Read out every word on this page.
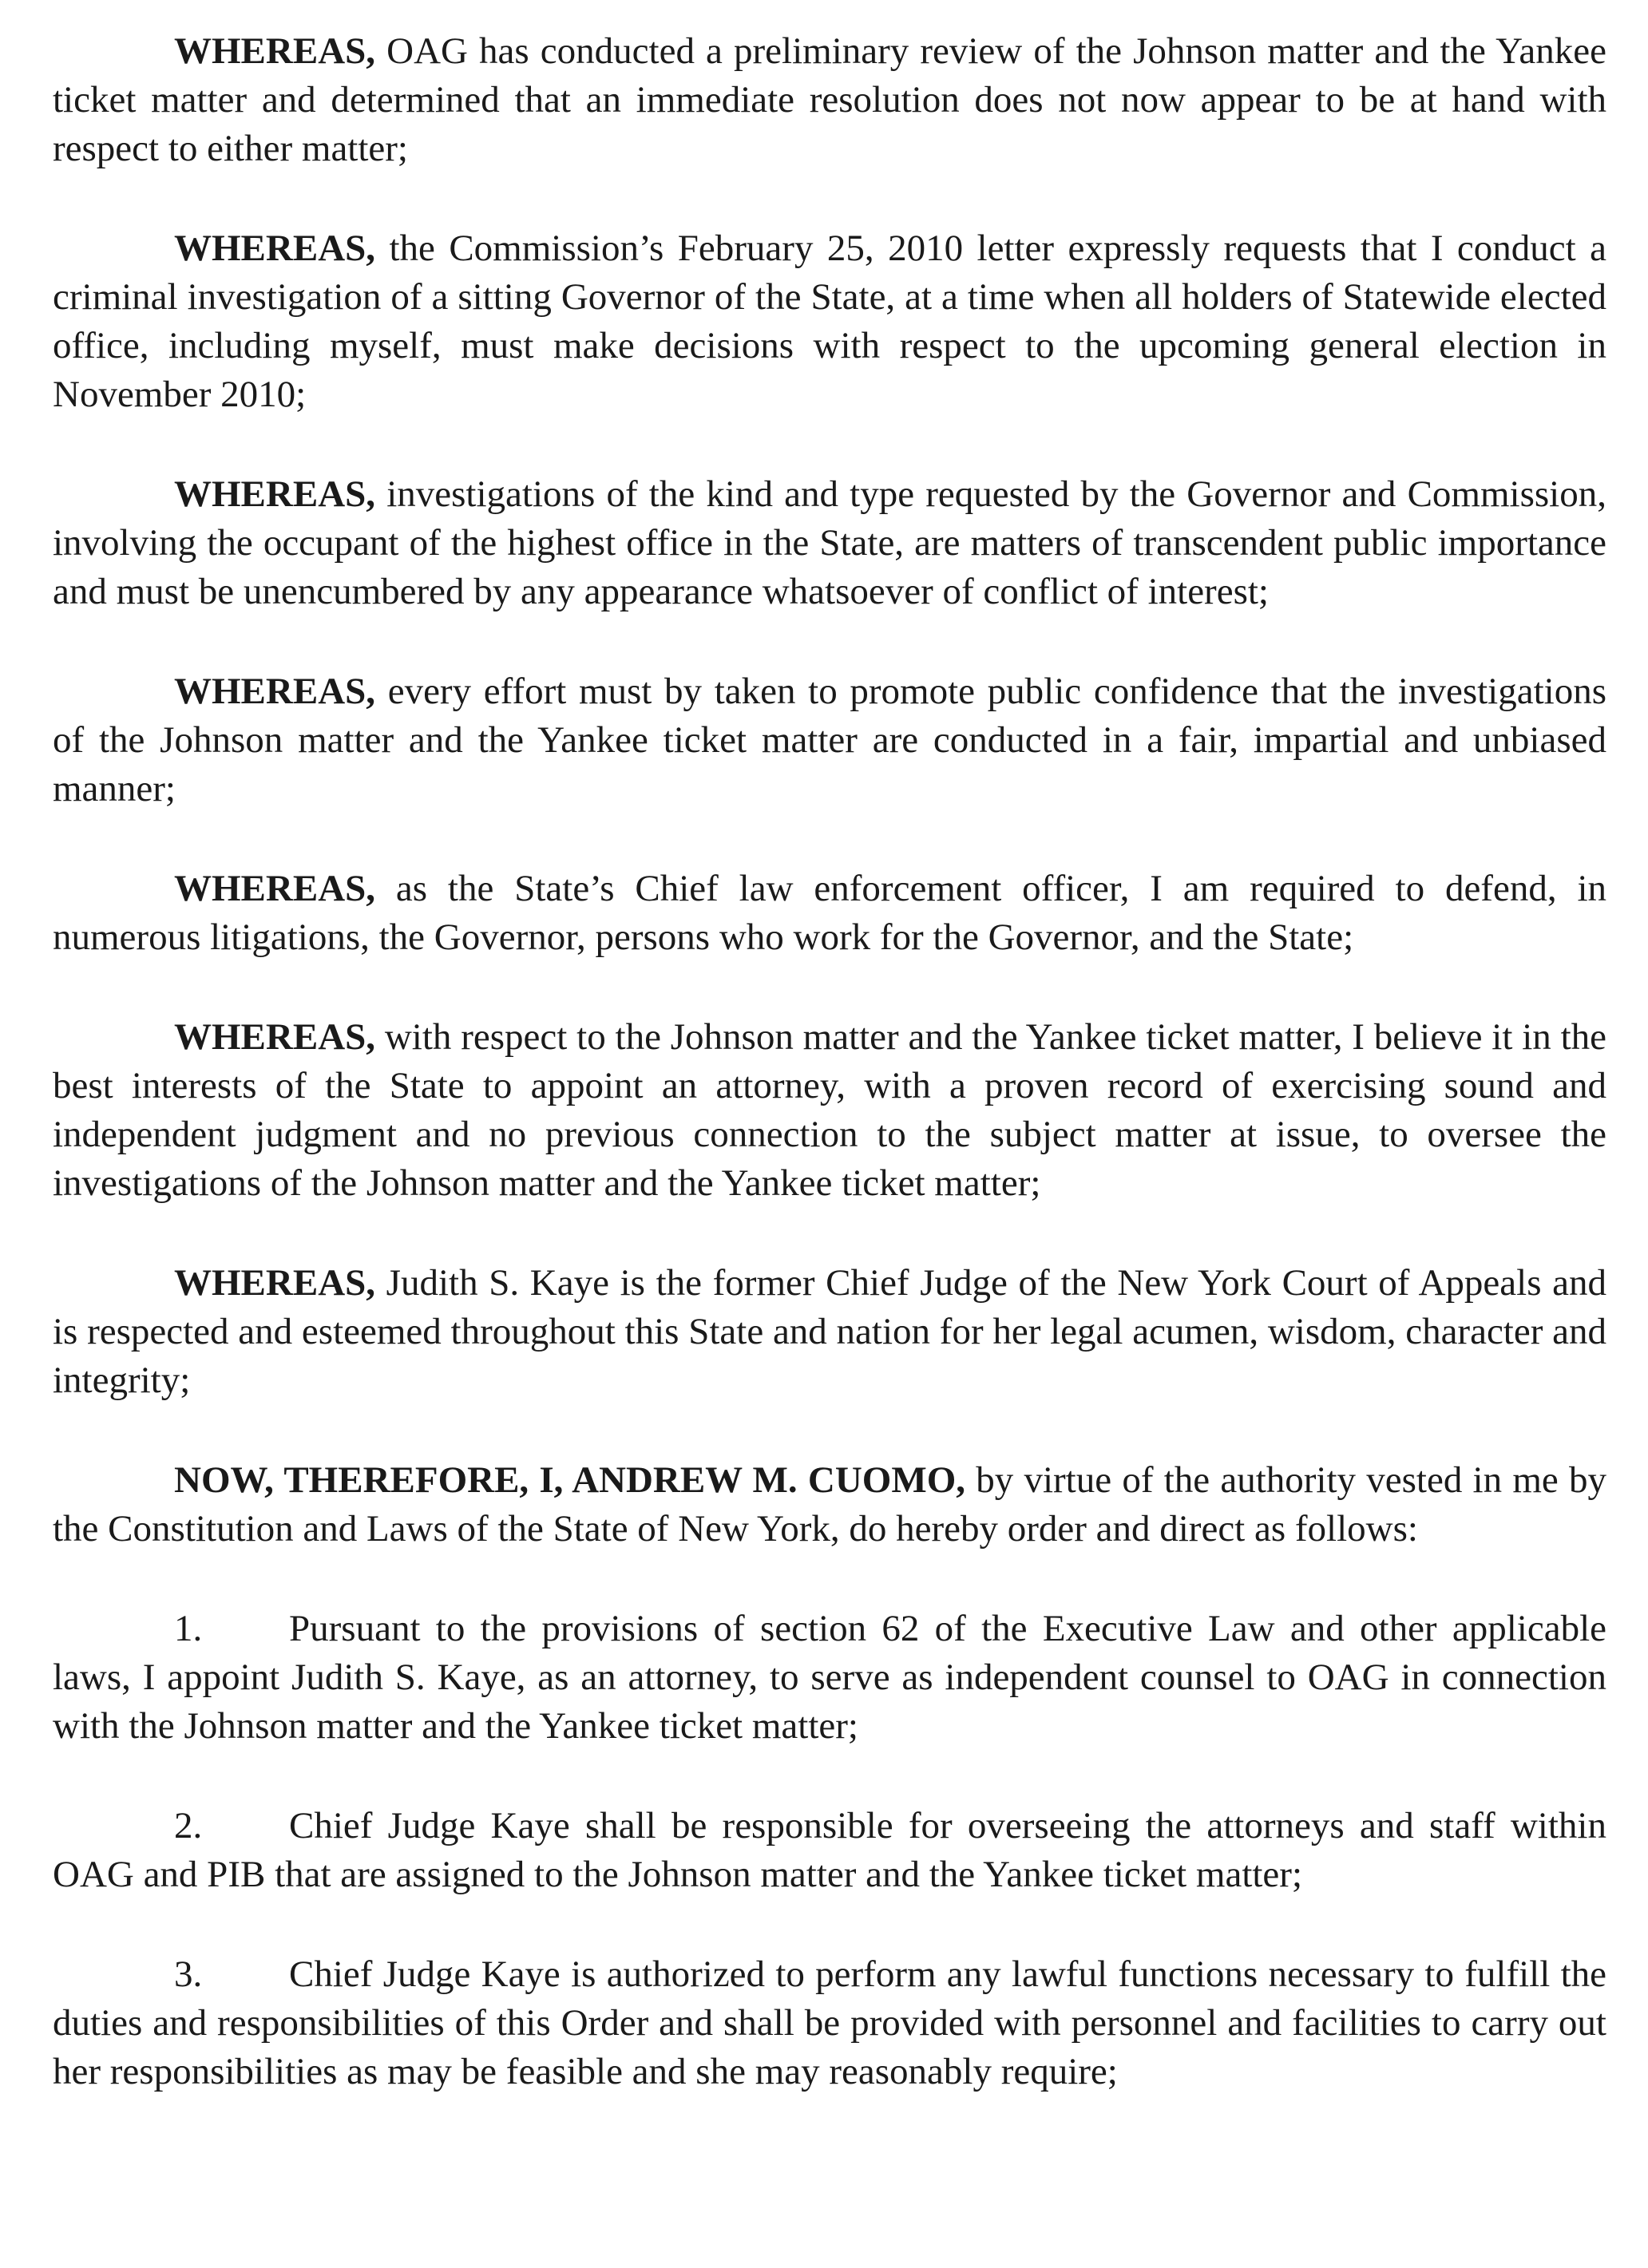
WHEREAS, OAG has conducted a preliminary review of the Johnson matter and the Yankee ticket matter and determined that an immediate resolution does not now appear to be at hand with respect to either matter;

WHEREAS, the Commission’s February 25, 2010 letter expressly requests that I conduct a criminal investigation of a sitting Governor of the State, at a time when all holders of Statewide elected office, including myself, must make decisions with respect to the upcoming general election in November 2010;

WHEREAS, investigations of the kind and type requested by the Governor and Commission, involving the occupant of the highest office in the State, are matters of transcendent public importance and must be unencumbered by any appearance whatsoever of conflict of interest;

WHEREAS, every effort must by taken to promote public confidence that the investigations of the Johnson matter and the Yankee ticket matter are conducted in a fair, impartial and unbiased manner;

WHEREAS, as the State’s Chief law enforcement officer, I am required to defend, in numerous litigations, the Governor, persons who work for the Governor, and the State;

WHEREAS, with respect to the Johnson matter and the Yankee ticket matter, I believe it in the best interests of the State to appoint an attorney, with a proven record of exercising sound and independent judgment and no previous connection to the subject matter at issue, to oversee the investigations of the Johnson matter and the Yankee ticket matter;

WHEREAS, Judith S. Kaye is the former Chief Judge of the New York Court of Appeals and is respected and esteemed throughout this State and nation for her legal acumen, wisdom, character and integrity;

NOW, THEREFORE, I, ANDREW M. CUOMO, by virtue of the authority vested in me by the Constitution and Laws of the State of New York, do hereby order and direct as follows:

1. Pursuant to the provisions of section 62 of the Executive Law and other applicable laws, I appoint Judith S. Kaye, as an attorney, to serve as independent counsel to OAG in connection with the Johnson matter and the Yankee ticket matter;

2. Chief Judge Kaye shall be responsible for overseeing the attorneys and staff within OAG and PIB that are assigned to the Johnson matter and the Yankee ticket matter;

3. Chief Judge Kaye is authorized to perform any lawful functions necessary to fulfill the duties and responsibilities of this Order and shall be provided with personnel and facilities to carry out her responsibilities as may be feasible and she may reasonably require;
